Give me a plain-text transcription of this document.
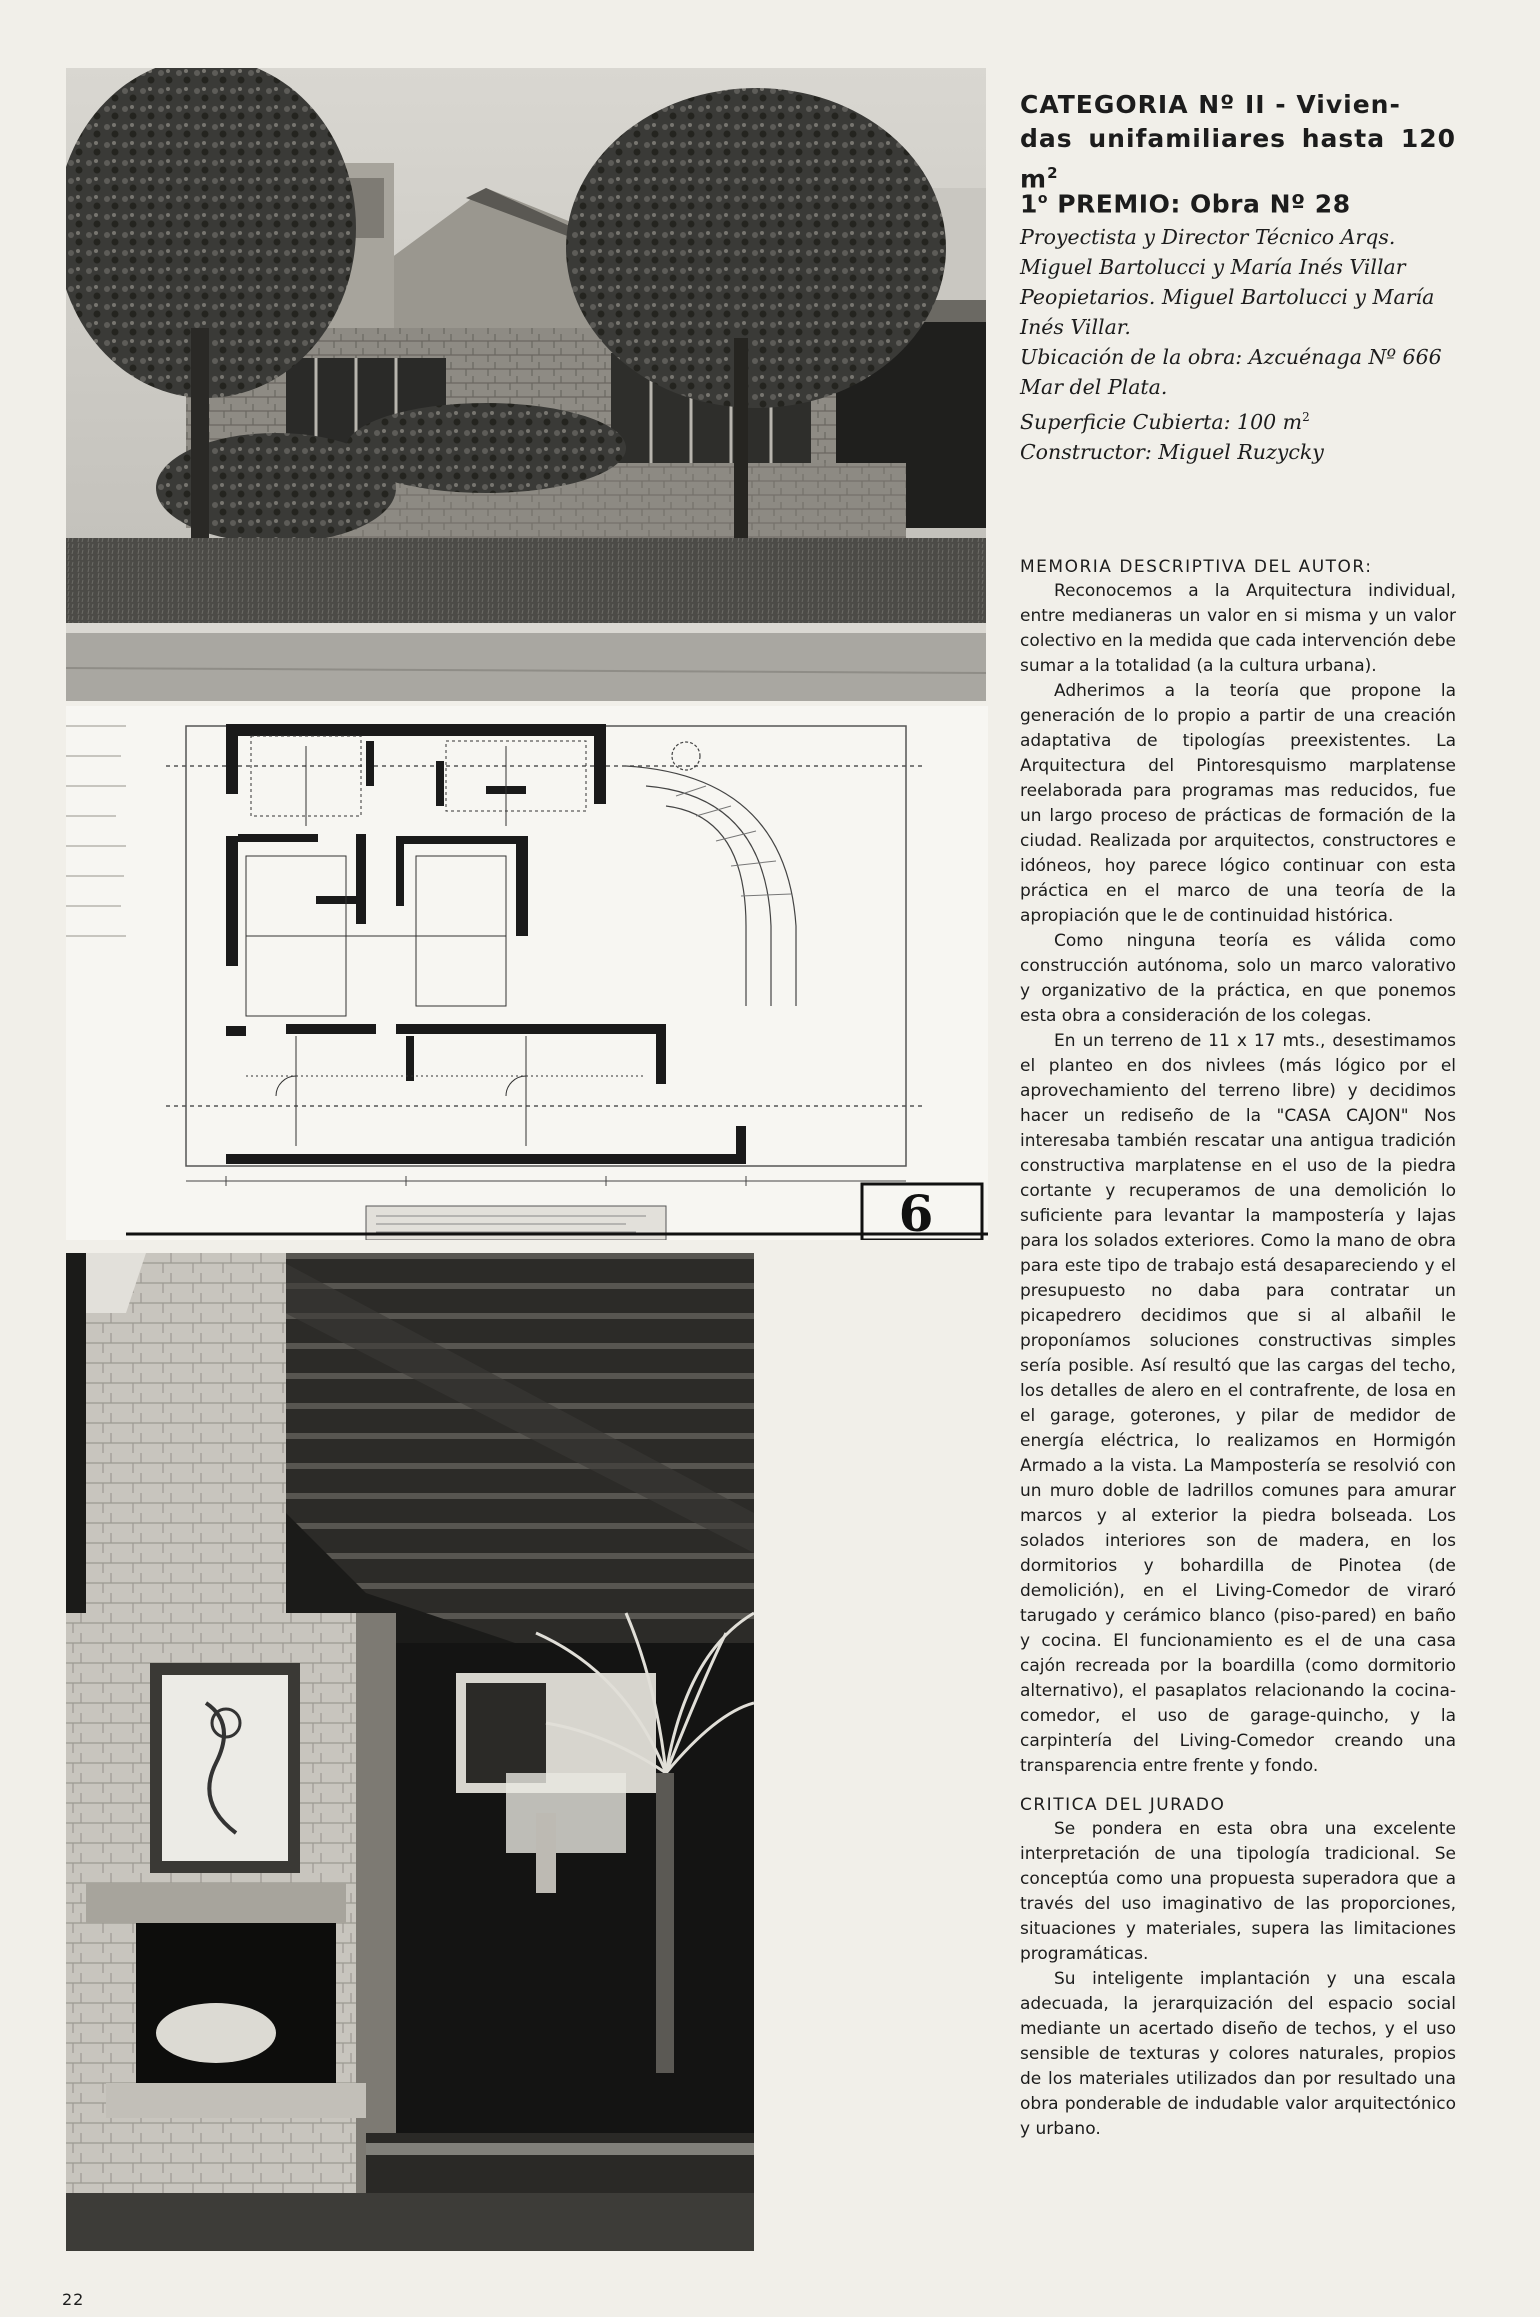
6
CATEGORIA Nº II - Vivien-
das unifamiliares hasta 120 $m^2$
1$^o$ PREMIO: Obra Nº 28

Proyectista y Director Técnico Arqs. Miguel Bartolucci y María Inés Villar

Peopietarios. Miguel Bartolucci y María Inés Villar.

Ubicación de la obra: Azcuénaga Nº 666 Mar del Plata.

Superficie Cubierta: 100 $m^2$

Constructor: Miguel Ruzycky

MEMORIA DESCRIPTIVA DEL AUTOR:

Reconocemos a la Arquitectura individual, entre medianeras un valor en si misma y un valor colectivo en la medida que cada intervención debe sumar a la totalidad (a la cultura urbana).

Adherimos a la teoría que propone la generación de lo propio a partir de una creación adaptativa de tipologías preexistentes. La Arquitectura del Pintoresquismo marplatense reelaborada para programas mas reducidos, fue un largo proceso de prácticas de formación de la ciudad. Realizada por arquitectos, constructores e idóneos, hoy parece lógico continuar con esta práctica en el marco de una teoría de la apropiación que le de continuidad histórica.

Como ninguna teoría es válida como construcción autónoma, solo un marco valorativo y organizativo de la práctica, en que ponemos esta obra a consideración de los colegas.

En un terreno de 11 x 17 mts., desestimamos el planteo en dos nivlees (más lógico por el aprovechamiento del terreno libre) y decidimos hacer un rediseño de la "CASA CAJON" Nos interesaba también rescatar una antigua tradición constructiva marplatense en el uso de la piedra cortante y recuperamos de una demolición lo suficiente para levantar la mampostería y lajas para los solados exteriores. Como la mano de obra para este tipo de trabajo está desapareciendo y el presupuesto no daba para contratar un picapedrero decidimos que si al albañil le proponíamos soluciones constructivas simples sería posible. Así resultó que las cargas del techo, los detalles de alero en el contrafrente, de losa en el garage, goterones, y pilar de medidor de energía eléctrica, lo realizamos en Hormigón Armado a la vista. La Mampostería se resolvió con un muro doble de ladrillos comunes para amurar marcos y al exterior la piedra bolseada. Los solados interiores son de madera, en los dormitorios y bohardilla de Pinotea (de demolición), en el Living-Comedor de viraró tarugado y cerámico blanco (piso-pared) en baño y cocina. El funcionamiento es el de una casa cajón recreada por la boardilla (como dormitorio alternativo), el pasaplatos relacionando la cocina-comedor, el uso de garage-quincho, y la carpintería del Living-Comedor creando una transparencia entre frente y fondo.

CRITICA DEL JURADO

Se pondera en esta obra una excelente interpretación de una tipología tradicional. Se conceptúa como una propuesta superadora que a través del uso imaginativo de las proporciones, situaciones y materiales, supera las limitaciones programáticas.

Su inteligente implantación y una escala adecuada, la jerarquización del espacio social mediante un acertado diseño de techos, y el uso sensible de texturas y colores naturales, propios de los materiales utilizados dan por resultado una obra ponderable de indudable valor arquitectónico y urbano.

22
